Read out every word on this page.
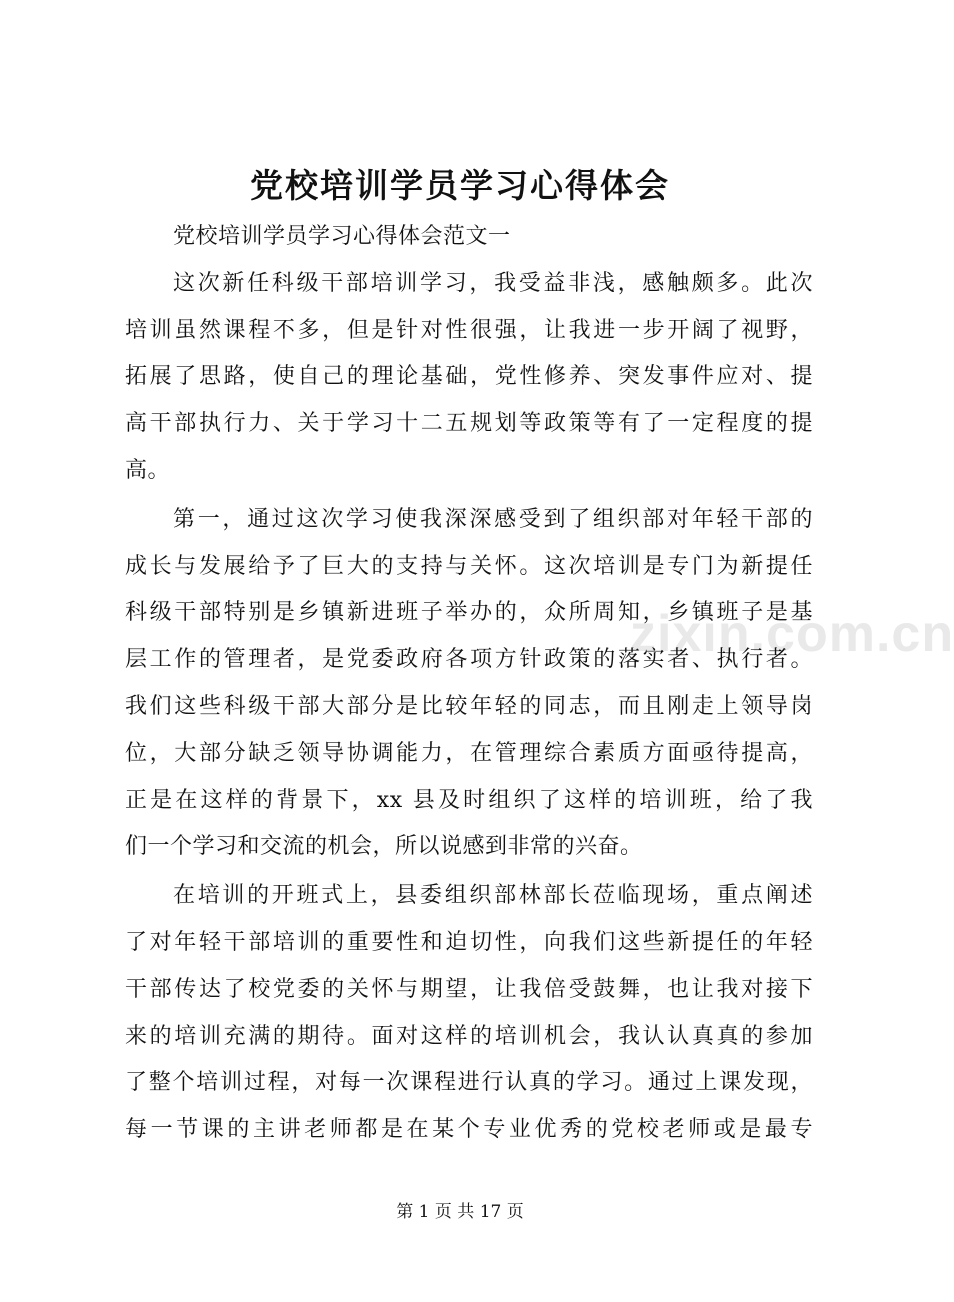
zixin.com.cn
党校培训学员学习心得体会
党校培训学员学习心得体会范文一
这次新任科级干部培训学习，我受益非浅，感触颇多。此次
培训虽然课程不多，但是针对性很强，让我进一步开阔了视野，
拓展了思路，使自己的理论基础，党性修养、突发事件应对、提
高干部执行力、关于学习十二五规划等政策等有了一定程度的提
高。
第一，通过这次学习使我深深感受到了组织部对年轻干部的
成长与发展给予了巨大的支持与关怀。这次培训是专门为新提任
科级干部特别是乡镇新进班子举办的，众所周知，乡镇班子是基
层工作的管理者，是党委政府各项方针政策的落实者、执行者。
我们这些科级干部大部分是比较年轻的同志，而且刚走上领导岗
位，大部分缺乏领导协调能力，在管理综合素质方面亟待提高，
正是在这样的背景下，xx 县及时组织了这样的培训班，给了我
们一个学习和交流的机会，所以说感到非常的兴奋。
在培训的开班式上，县委组织部林部长莅临现场，重点阐述
了对年轻干部培训的重要性和迫切性，向我们这些新提任的年轻
干部传达了校党委的关怀与期望，让我倍受鼓舞，也让我对接下
来的培训充满的期待。面对这样的培训机会，我认认真真的参加
了整个培训过程，对每一次课程进行认真的学习。通过上课发现，
每一节课的主讲老师都是在某个专业优秀的党校老师或是最专
第 1 页 共 17 页
